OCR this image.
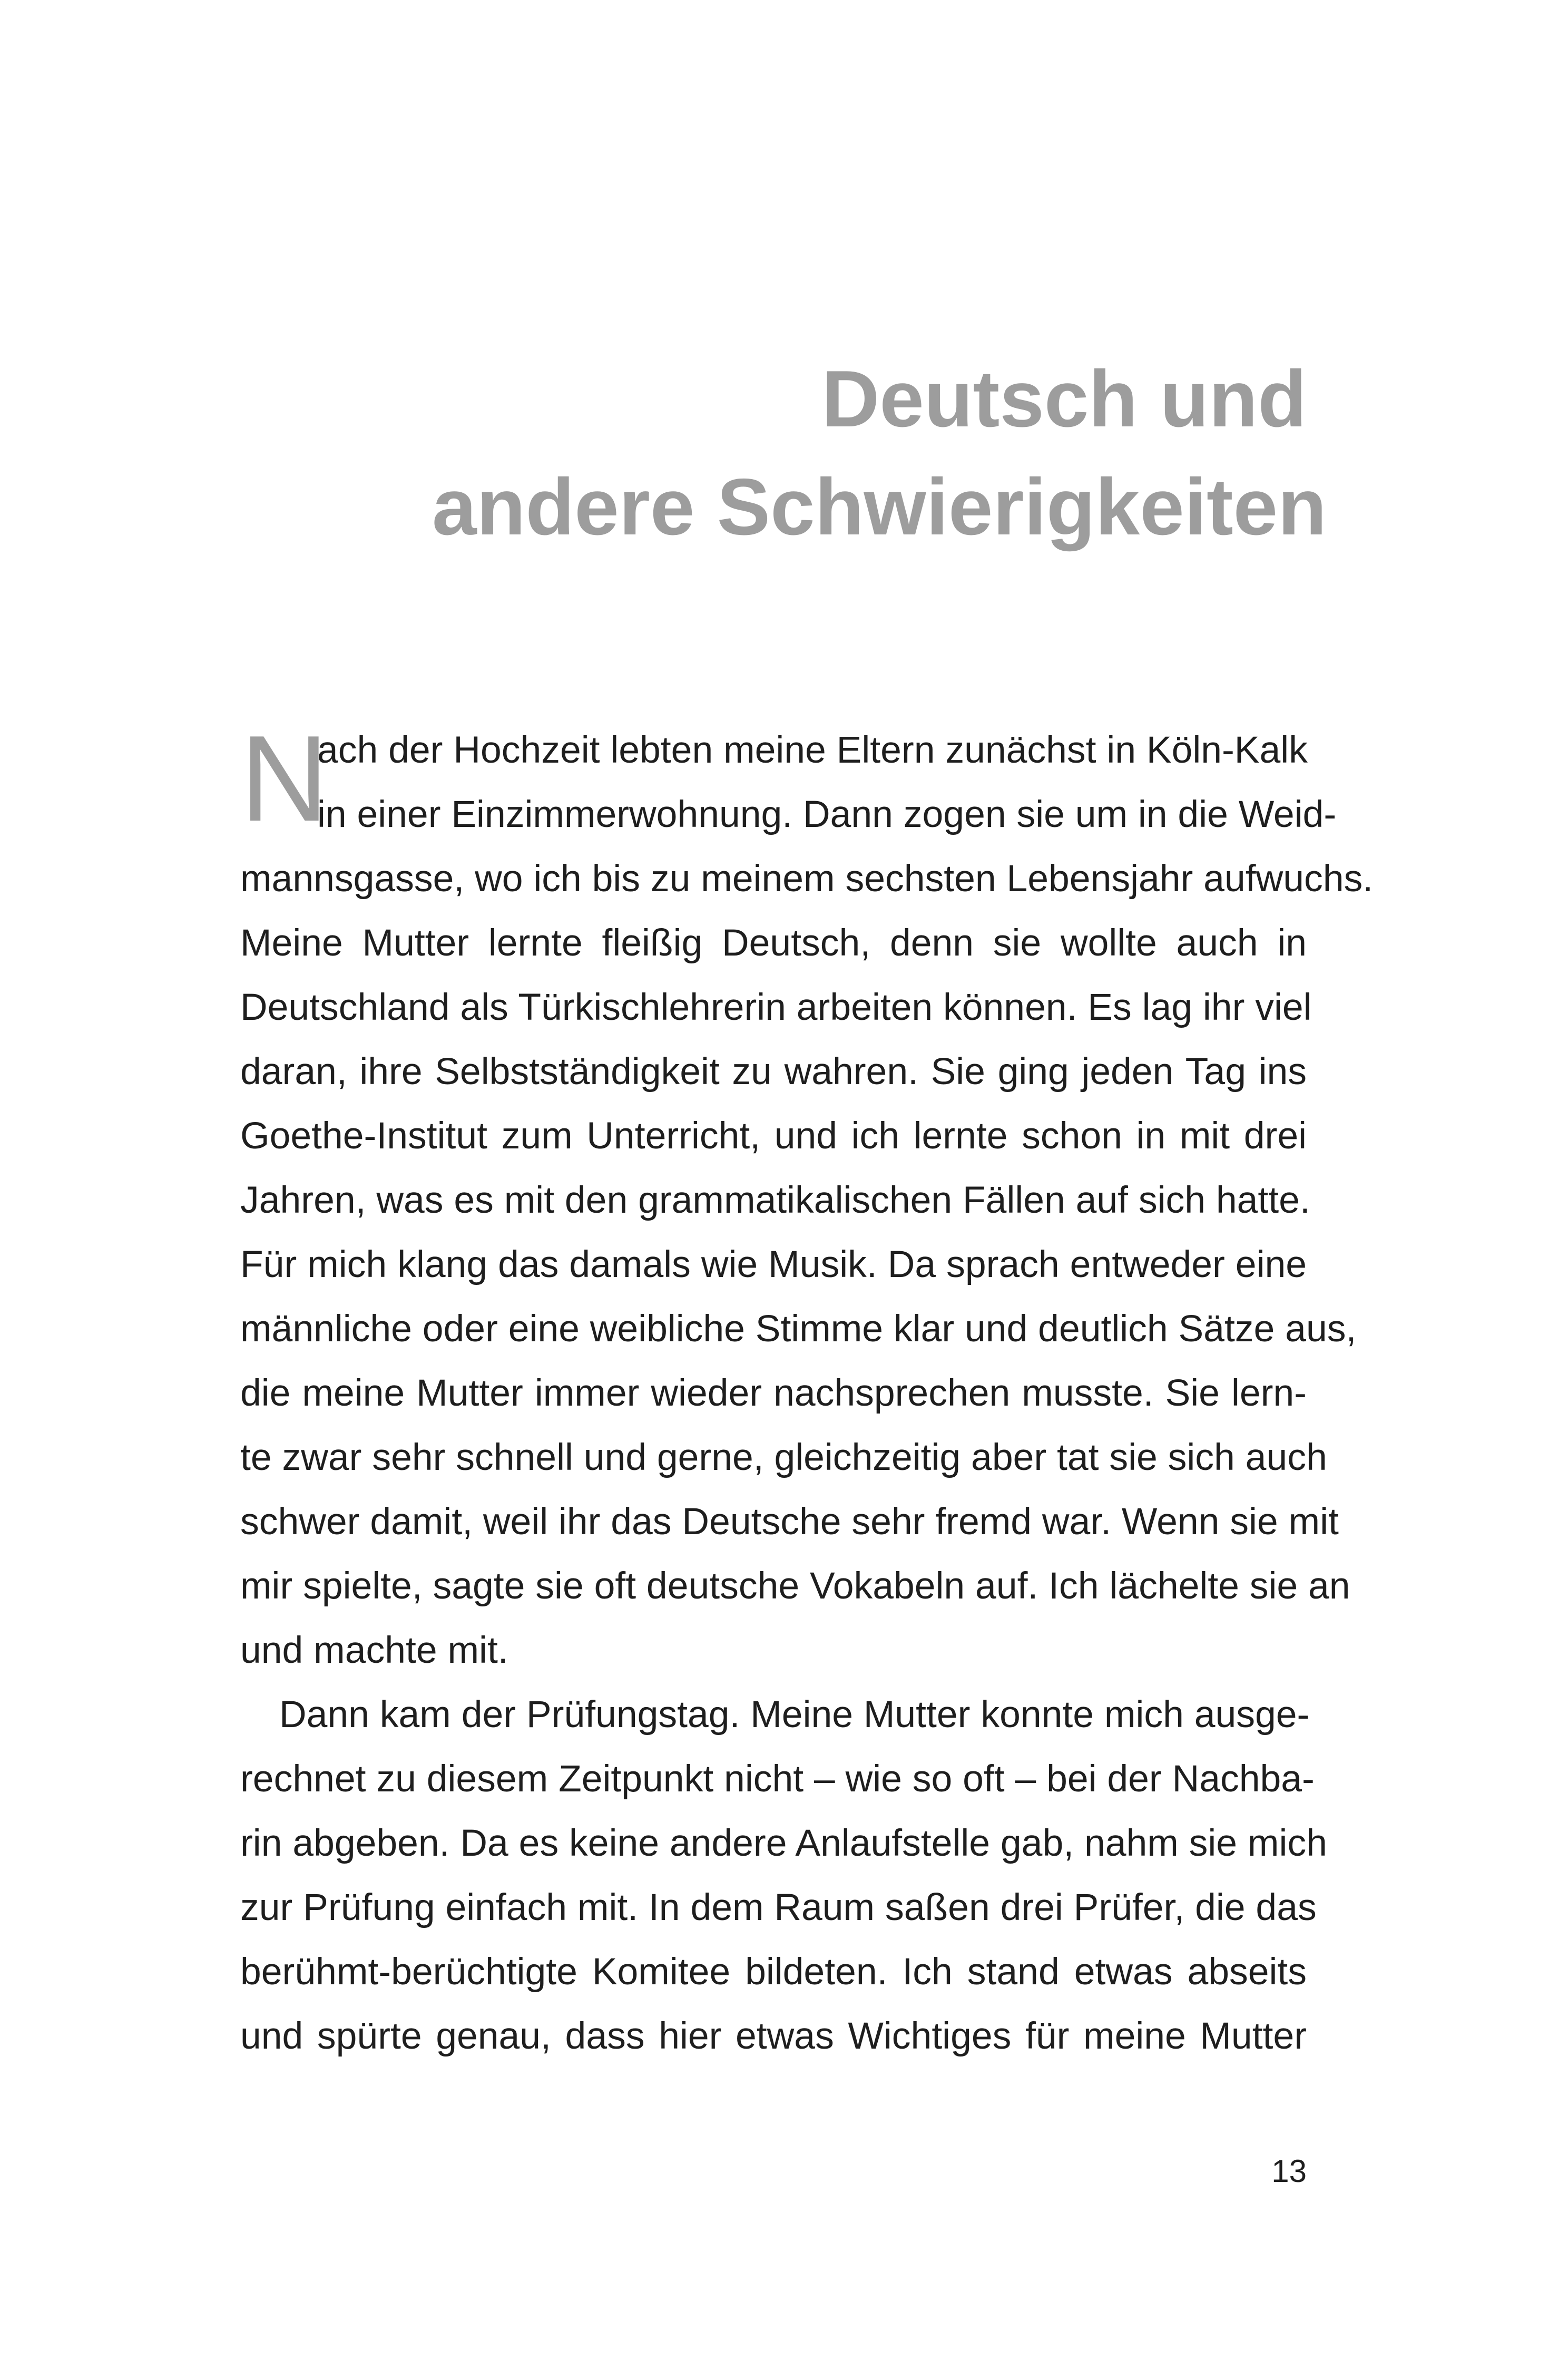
Deutsch und
andere Schwierigkeiten
N
ach der Hochzeit lebten meine Eltern zunächst in Köln-Kalk
in einer Einzimmerwohnung. Dann zogen sie um in die Weid-
mannsgasse, wo ich bis zu meinem sechsten Lebensjahr aufwuchs.
Meine Mutter lernte fleißig Deutsch, denn sie wollte auch in
Deutschland als Türkischlehrerin arbeiten können. Es lag ihr viel
daran, ihre Selbstständigkeit zu wahren. Sie ging jeden Tag ins
Goethe-Institut zum Unterricht, und ich lernte schon in mit drei
Jahren, was es mit den grammatikalischen Fällen auf sich hatte.
Für mich klang das damals wie Musik. Da sprach entweder eine
männliche oder eine weibliche Stimme klar und deutlich Sätze aus,
die meine Mutter immer wieder nachsprechen musste. Sie lern-
te zwar sehr schnell und gerne, gleichzeitig aber tat sie sich auch
schwer damit, weil ihr das Deutsche sehr fremd war. Wenn sie mit
mir spielte, sagte sie oft deutsche Vokabeln auf. Ich lächelte sie an
und machte mit.
Dann kam der Prüfungstag. Meine Mutter konnte mich ausge-
rechnet zu diesem Zeitpunkt nicht – wie so oft – bei der Nachba-
rin abgeben. Da es keine andere Anlaufstelle gab, nahm sie mich
zur Prüfung einfach mit. In dem Raum saßen drei Prüfer, die das
berühmt-berüchtigte Komitee bildeten. Ich stand etwas abseits
und spürte genau, dass hier etwas Wichtiges für meine Mutter
13
